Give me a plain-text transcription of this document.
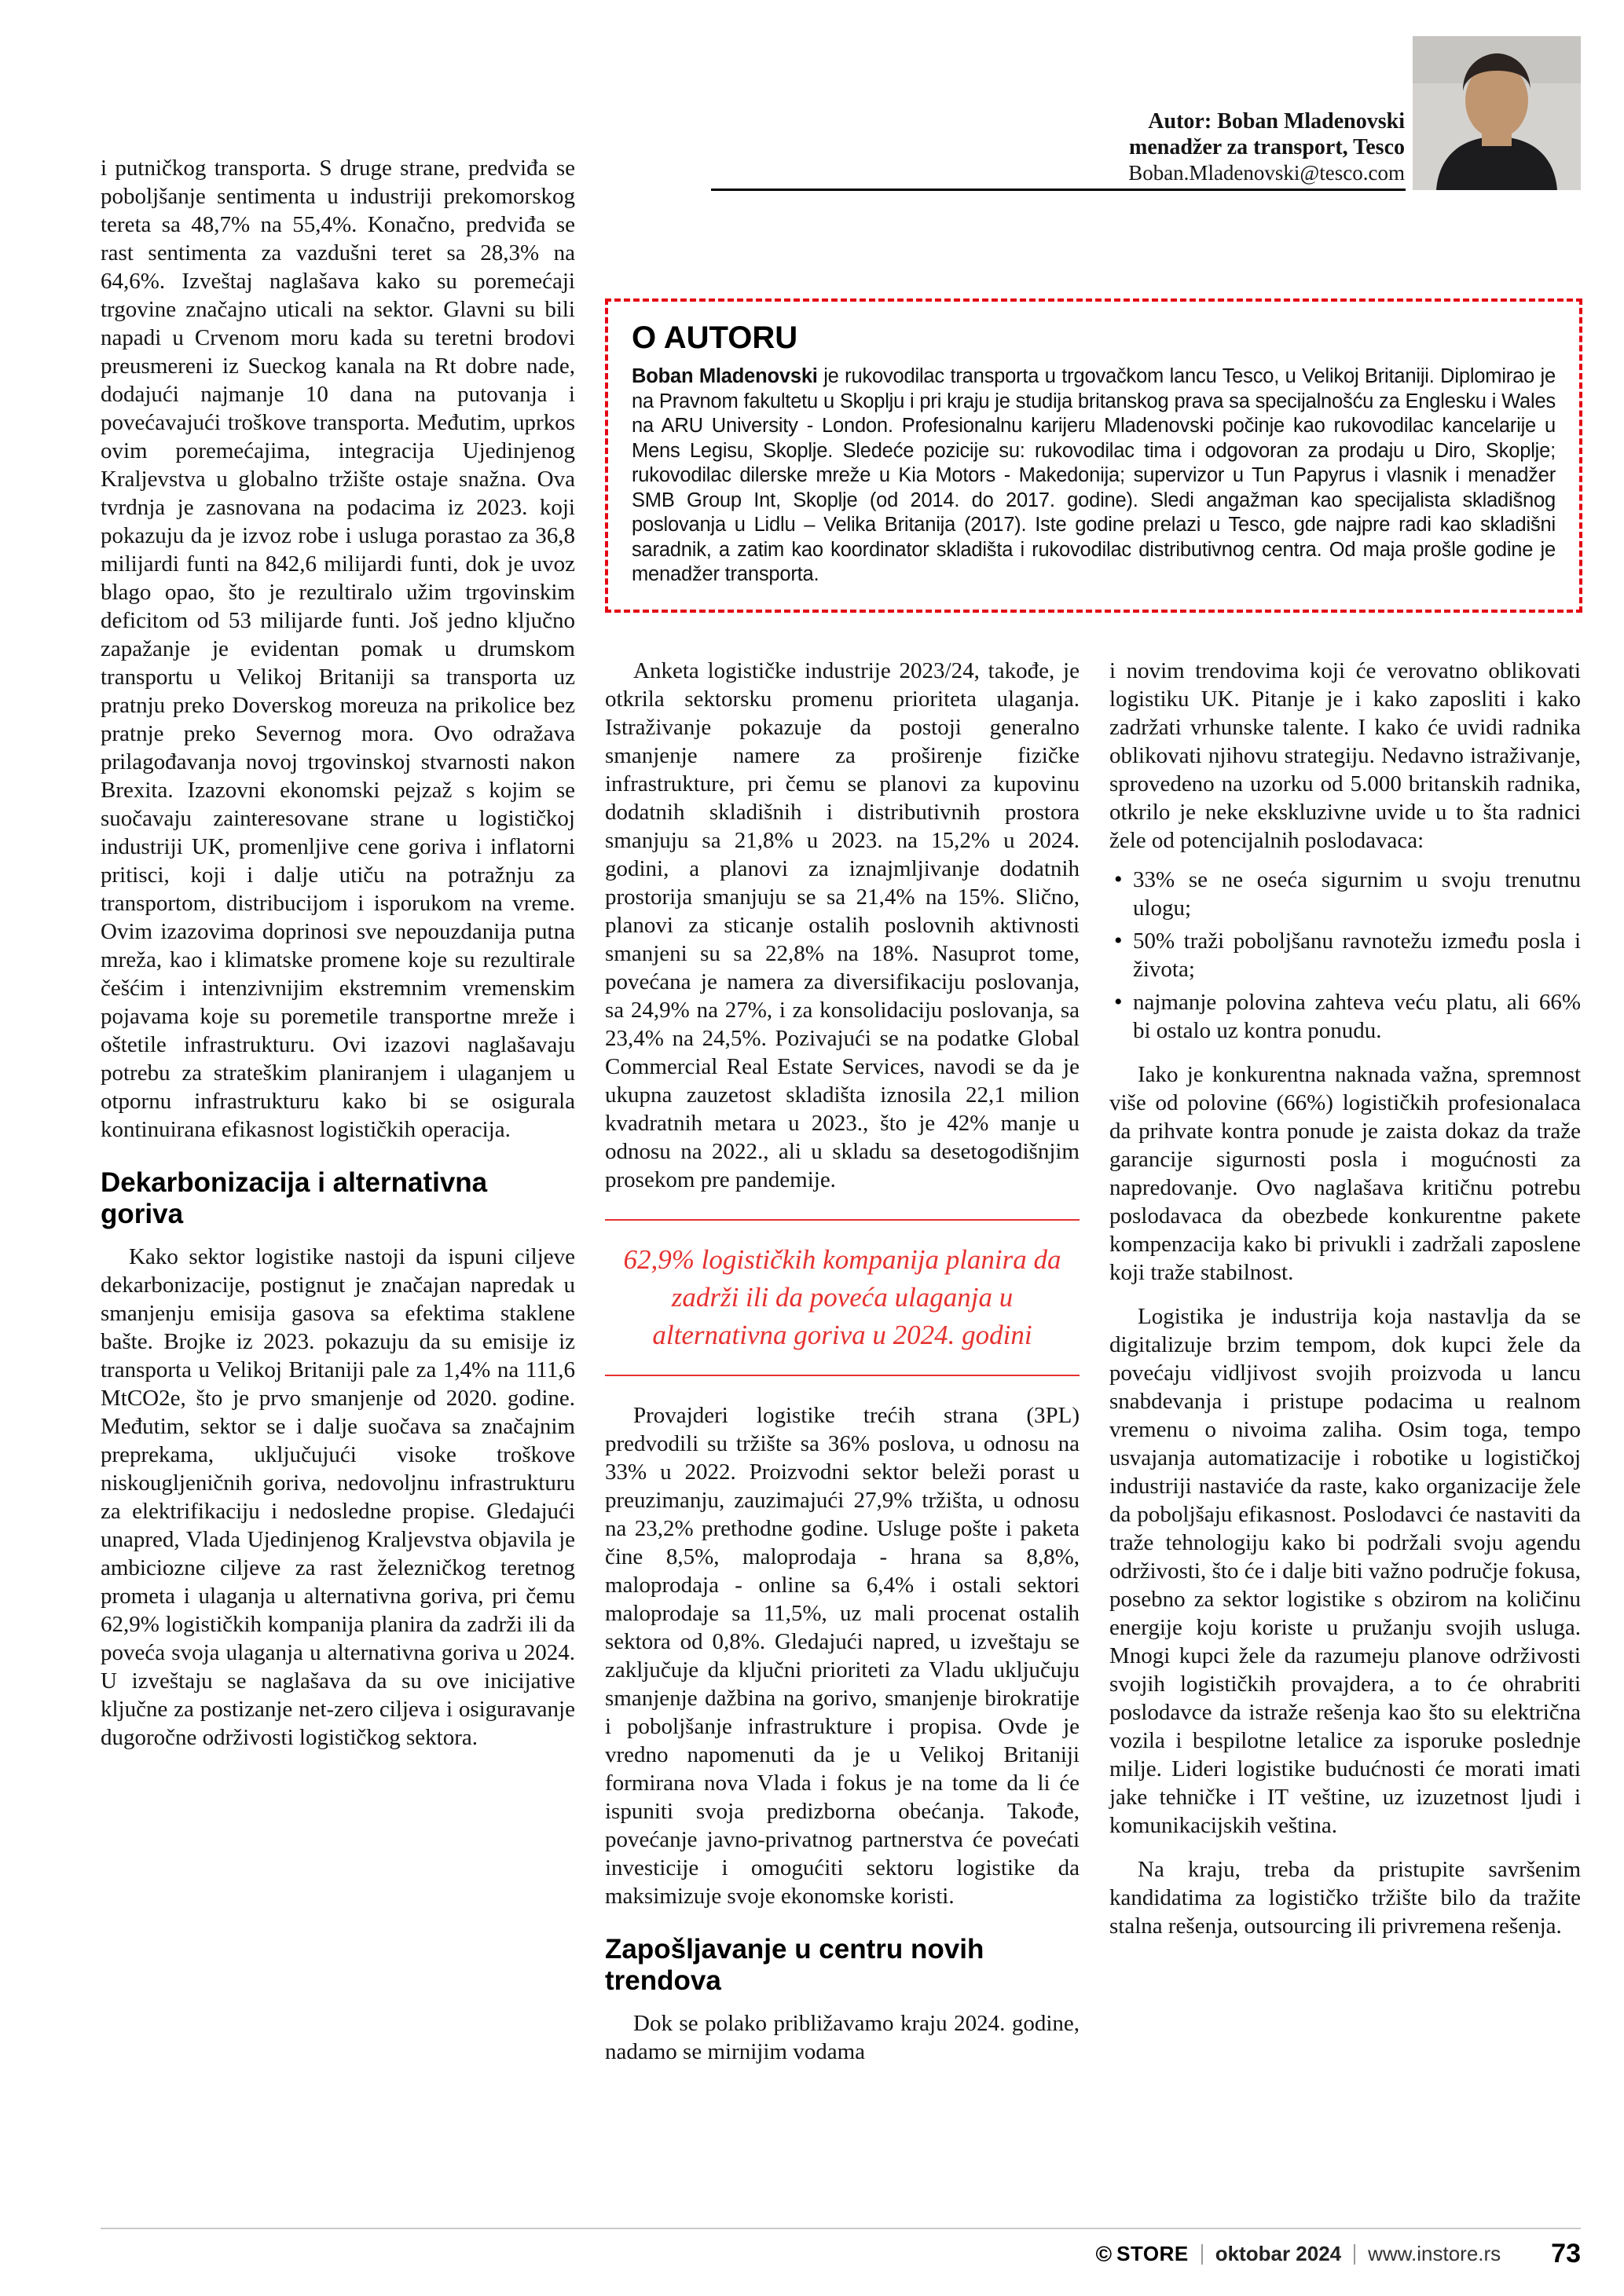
Autor: Boban Mladenovski
menadžer za transport, Tesco
Boban.Mladenovski@tesco.com
O AUTORU

Boban Mladenovski je rukovodilac transporta u trgovačkom lancu Tesco, u Velikoj Britaniji. Diplomirao je na Pravnom fakultetu u Skoplju i pri kraju je studija britanskog prava sa specijalnošću za Englesku i Wales na ARU University - London. Profesionalnu karijeru Mladenovski počinje kao rukovodilac kancelarije u Mens Legisu, Skoplje. Sledeće pozicije su: rukovodilac tima i odgovoran za prodaju u Diro, Skoplje; rukovodilac dilerske mreže u Kia Motors - Makedonija; supervizor u Tun Papyrus i vlasnik i menadžer SMB Group Int, Skoplje (od 2014. do 2017. godine). Sledi angažman kao specijalista skladišnog poslovanja u Lidlu – Velika Britanija (2017). Iste godine prelazi u Tesco, gde najpre radi kao skladišni saradnik, a zatim kao koordinator skladišta i rukovodilac distributivnog centra. Od maja prošle godine je menadžer transporta.

i putničkog transporta. S druge strane, predviđa se poboljšanje sentimenta u industriji prekomorskog tereta sa 48,7% na 55,4%. Konačno, predviđa se rast sentimenta za vazdušni teret sa 28,3% na 64,6%. Izveštaj naglašava kako su poremećaji trgovine značajno uticali na sektor. Glavni su bili napadi u Crvenom moru kada su teretni brodovi preusmereni iz Sueckog kanala na Rt dobre nade, dodajući najmanje 10 dana na putovanja i povećavajući troškove transporta. Međutim, uprkos ovim poremećajima, integracija Ujedinjenog Kraljevstva u globalno tržište ostaje snažna. Ova tvrdnja je zasnovana na podacima iz 2023. koji pokazuju da je izvoz robe i usluga porastao za 36,8 milijardi funti na 842,6 milijardi funti, dok je uvoz blago opao, što je rezultiralo užim trgovinskim deficitom od 53 milijarde funti. Još jedno ključno zapažanje je evidentan pomak u drumskom transportu u Velikoj Britaniji sa transporta uz pratnju preko Doverskog moreuza na prikolice bez pratnje preko Severnog mora. Ovo odražava prilagođavanja novoj trgovinskoj stvarnosti nakon Brexita. Izazovni ekonomski pejzaž s kojim se suočavaju zainteresovane strane u logističkoj industriji UK, promenljive cene goriva i inflatorni pritisci, koji i dalje utiču na potražnju za transportom, distribucijom i isporukom na vreme. Ovim izazovima doprinosi sve nepouzdanija putna mreža, kao i klimatske promene koje su rezultirale češćim i intenzivnijim ekstremnim vremenskim pojavama koje su poremetile transportne mreže i oštetile infrastrukturu. Ovi izazovi naglašavaju potrebu za strateškim planiranjem i ulaganjem u otpornu infrastrukturu kako bi se osigurala kontinuirana efikasnost logističkih operacija.

Dekarbonizacija i alternativna goriva

Kako sektor logistike nastoji da ispuni ciljeve dekarbonizacije, postignut je značajan napredak u smanjenju emisija gasova sa efektima staklene bašte. Brojke iz 2023. pokazuju da su emisije iz transporta u Velikoj Britaniji pale za 1,4% na 111,6 MtCO2e, što je prvo smanjenje od 2020. godine. Međutim, sektor se i dalje suočava sa značajnim preprekama, uključujući visoke troškove niskougljeničnih goriva, nedovoljnu infrastrukturu za elektrifikaciju i nedosledne propise. Gledajući unapred, Vlada Ujedinjenog Kraljevstva objavila je ambiciozne ciljeve za rast železničkog teretnog prometa i ulaganja u alternativna goriva, pri čemu 62,9% logističkih kompanija planira da zadrži ili da poveća svoja ulaganja u alternativna goriva u 2024. U izveštaju se naglašava da su ove inicijative ključne za postizanje net-zero ciljeva i osiguravanje dugoročne održivosti logističkog sektora.

Anketa logističke industrije 2023/24, takođe, je otkrila sektorsku promenu prioriteta ulaganja. Istraživanje pokazuje da postoji generalno smanjenje namere za proširenje fizičke infrastrukture, pri čemu se planovi za kupovinu dodatnih skladišnih i distributivnih prostora smanjuju sa 21,8% u 2023. na 15,2% u 2024. godini, a planovi za iznajmljivanje dodatnih prostorija smanjuju se sa 21,4% na 15%. Slično, planovi za sticanje ostalih poslovnih aktivnosti smanjeni su sa 22,8% na 18%. Nasuprot tome, povećana je namera za diversifikaciju poslovanja, sa 24,9% na 27%, i za konsolidaciju poslovanja, sa 23,4% na 24,5%. Pozivajući se na podatke Global Commercial Real Estate Services, navodi se da je ukupna zauzetost skladišta iznosila 22,1 milion kvadratnih metara u 2023., što je 42% manje u odnosu na 2022., ali u skladu sa desetogodišnjim prosekom pre pandemije.

62,9% logističkih kompanija planira da zadrži ili da poveća ulaganja u alternativna goriva u 2024. godini

Provajderi logistike trećih strana (3PL) predvodili su tržište sa 36% poslova, u odnosu na 33% u 2022. Proizvodni sektor beleži porast u preuzimanju, zauzimajući 27,9% tržišta, u odnosu na 23,2% prethodne godine. Usluge pošte i paketa čine 8,5%, maloprodaja - hrana sa 8,8%, maloprodaja - online sa 6,4% i ostali sektori maloprodaje sa 11,5%, uz mali procenat ostalih sektora od 0,8%. Gledajući napred, u izveštaju se zaključuje da ključni prioriteti za Vladu uključuju smanjenje dažbina na gorivo, smanjenje birokratije i poboljšanje infrastrukture i propisa. Ovde je vredno napomenuti da je u Velikoj Britaniji formirana nova Vlada i fokus je na tome da li će ispuniti svoja predizborna obećanja. Takođe, povećanje javno-privatnog partnerstva će povećati investicije i omogućiti sektoru logistike da maksimizuje svoje ekonomske koristi.

Zapošljavanje u centru novih trendova

Dok se polako približavamo kraju 2024. godine, nadamo se mirnijim vodama

i novim trendovima koji će verovatno oblikovati logistiku UK. Pitanje je i kako zaposliti i kako zadržati vrhunske talente. I kako će uvidi radnika oblikovati njihovu strategiju. Nedavno istraživanje, sprovedeno na uzorku od 5.000 britanskih radnika, otkrilo je neke ekskluzivne uvide u to šta radnici žele od potencijalnih poslodavaca:

• 33% se ne oseća sigurnim u svoju trenutnu ulogu;
• 50% traži poboljšanu ravnotežu između posla i života;
• najmanje polovina zahteva veću platu, ali 66% bi ostalo uz kontra ponudu.

Iako je konkurentna naknada važna, spremnost više od polovine (66%) logističkih profesionalaca da prihvate kontra ponude je zaista dokaz da traže garancije sigurnosti posla i mogućnosti za napredovanje. Ovo naglašava kritičnu potrebu poslodavaca da obezbede konkurentne pakete kompenzacija kako bi privukli i zadržali zaposlene koji traže stabilnost.

Logistika je industrija koja nastavlja da se digitalizuje brzim tempom, dok kupci žele da povećaju vidljivost svojih proizvoda u lancu snabdevanja i pristupe podacima u realnom vremenu o nivoima zaliha. Osim toga, tempo usvajanja automatizacije i robotike u logističkoj industriji nastaviće da raste, kako organizacije žele da poboljšaju efikasnost. Poslodavci će nastaviti da traže tehnologiju kako bi podržali svoju agendu održivosti, što će i dalje biti važno područje fokusa, posebno za sektor logistike s obzirom na količinu energije koju koriste u pružanju svojih usluga. Mnogi kupci žele da razumeju planove održivosti svojih logističkih provajdera, a to će ohrabriti poslodavce da istraže rešenja kao što su električna vozila i bespilotne letalice za isporuke poslednje milje. Lideri logistike budućnosti će morati imati jake tehničke i IT veštine, uz izuzetnost ljudi i komunikacijskih veština.

Na kraju, treba da pristupite savršenim kandidatima za logističko tržište bilo da tražite stalna rešenja, outsourcing ili privremena rešenja.

© STORE oktobar 2024 www.instore.rs 73
